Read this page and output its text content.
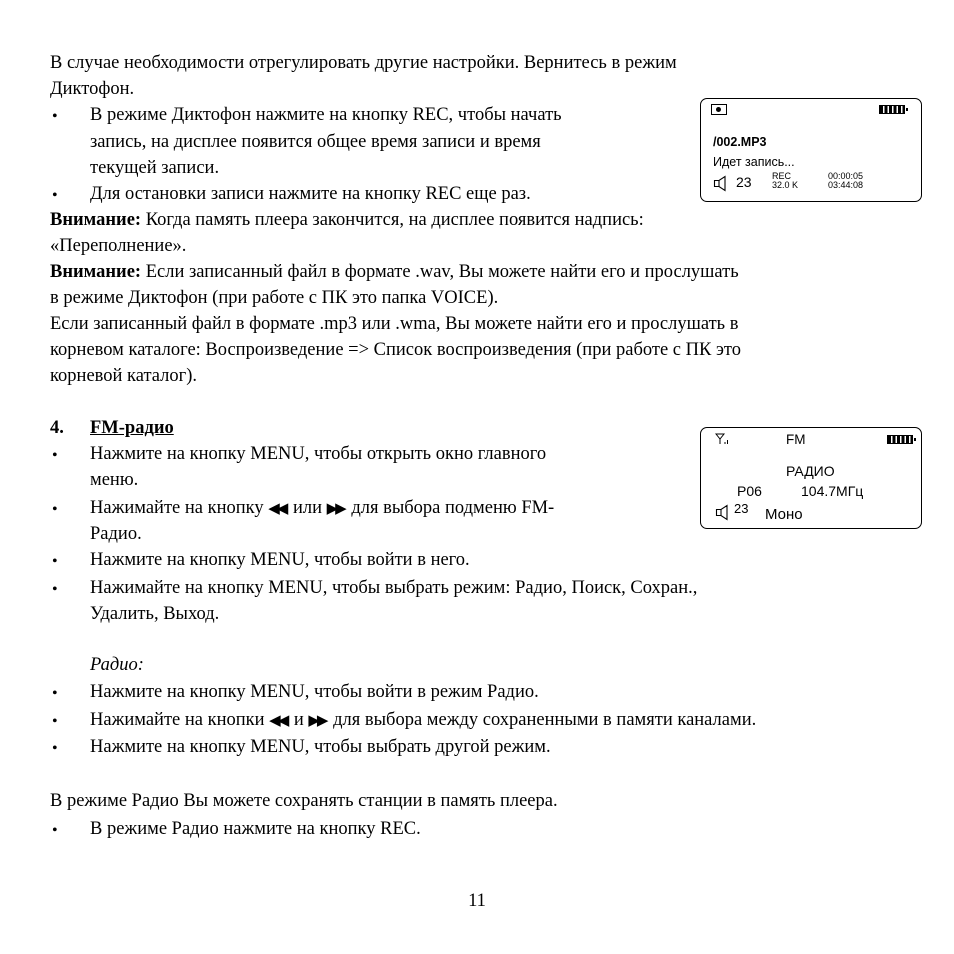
В случае необходимости отрегулировать другие настройки. Вернитесь в режим
Диктофон.
• В режиме Диктофон нажмите на кнопку REC, чтобы начать
запись, на дисплее появится общее время записи и время
текущей записи.
• Для остановки записи нажмите на кнопку REC еще раз.
Внимание: Когда память плеера закончится, на дисплее появится надпись:
«Переполнение».
Внимание: Если записанный файл в формате .wav, Вы можете найти его и прослушать
в режиме Диктофон (при работе с ПК это папка VOICE).
Если записанный файл в формате .mp3 или .wma, Вы можете найти его и прослушать в
корневом каталоге: Воспроизведение => Список воспроизведения (при работе с ПК это
корневой каталог).
4. FM-радио
• Нажмите на кнопку MENU, чтобы открыть окно главного
меню.
• Нажимайте на кнопку ◀◀ или ▶▶ для выбора подменю FM-
Радио.
• Нажмите на кнопку MENU, чтобы войти в него.
• Нажимайте на кнопку MENU, чтобы выбрать режим: Радио, Поиск, Сохран.,
Удалить, Выход.
Радио:
• Нажмите на кнопку MENU, чтобы войти в режим Радио.
• Нажимайте на кнопки ◀◀ и ▶▶ для выбора между сохраненными в памяти каналами.
• Нажмите на кнопку MENU, чтобы выбрать другой режим.
В режиме Радио Вы можете сохранять станции в память плеера.
• В режиме Радио нажмите на кнопку REC.
/002.MP3
Идет запись...
23 REC
32.0 K
00:00:05
03:44:08
FM
РАДИО
P06	104.7МГц
23 Моно
11
